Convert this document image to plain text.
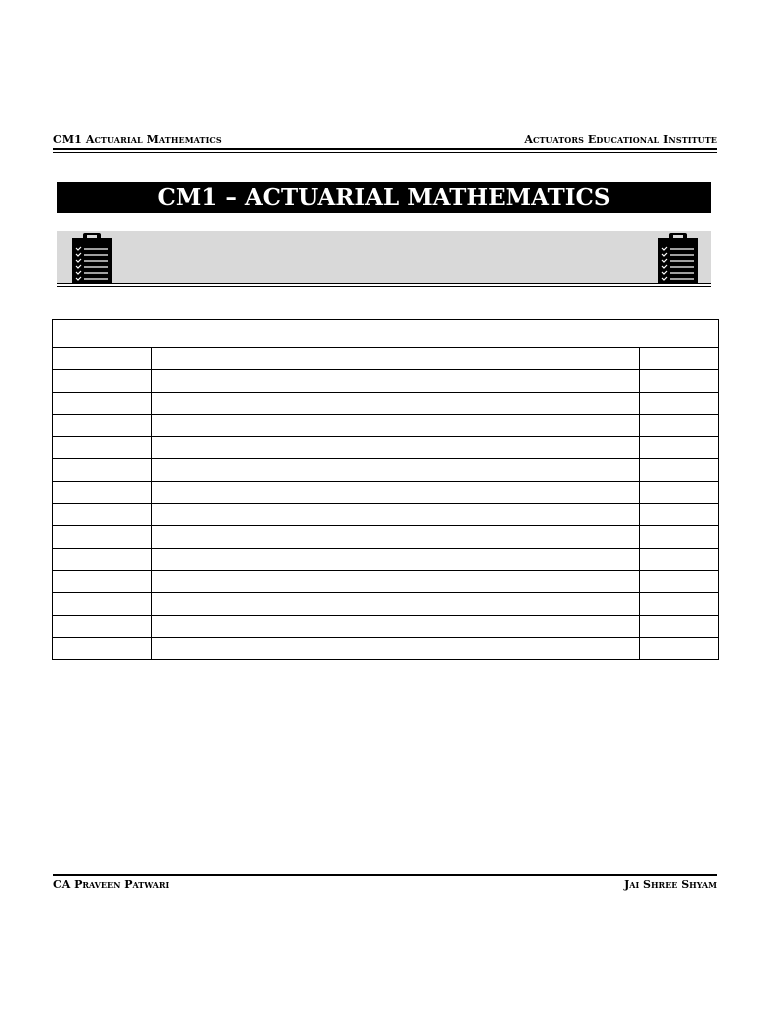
CM1 Actuarial Mathematics	Actuators Educational Institute
CM1 – ACTUARIAL MATHEMATICS

CA Praveen Patwari	Jai Shree Shyam
